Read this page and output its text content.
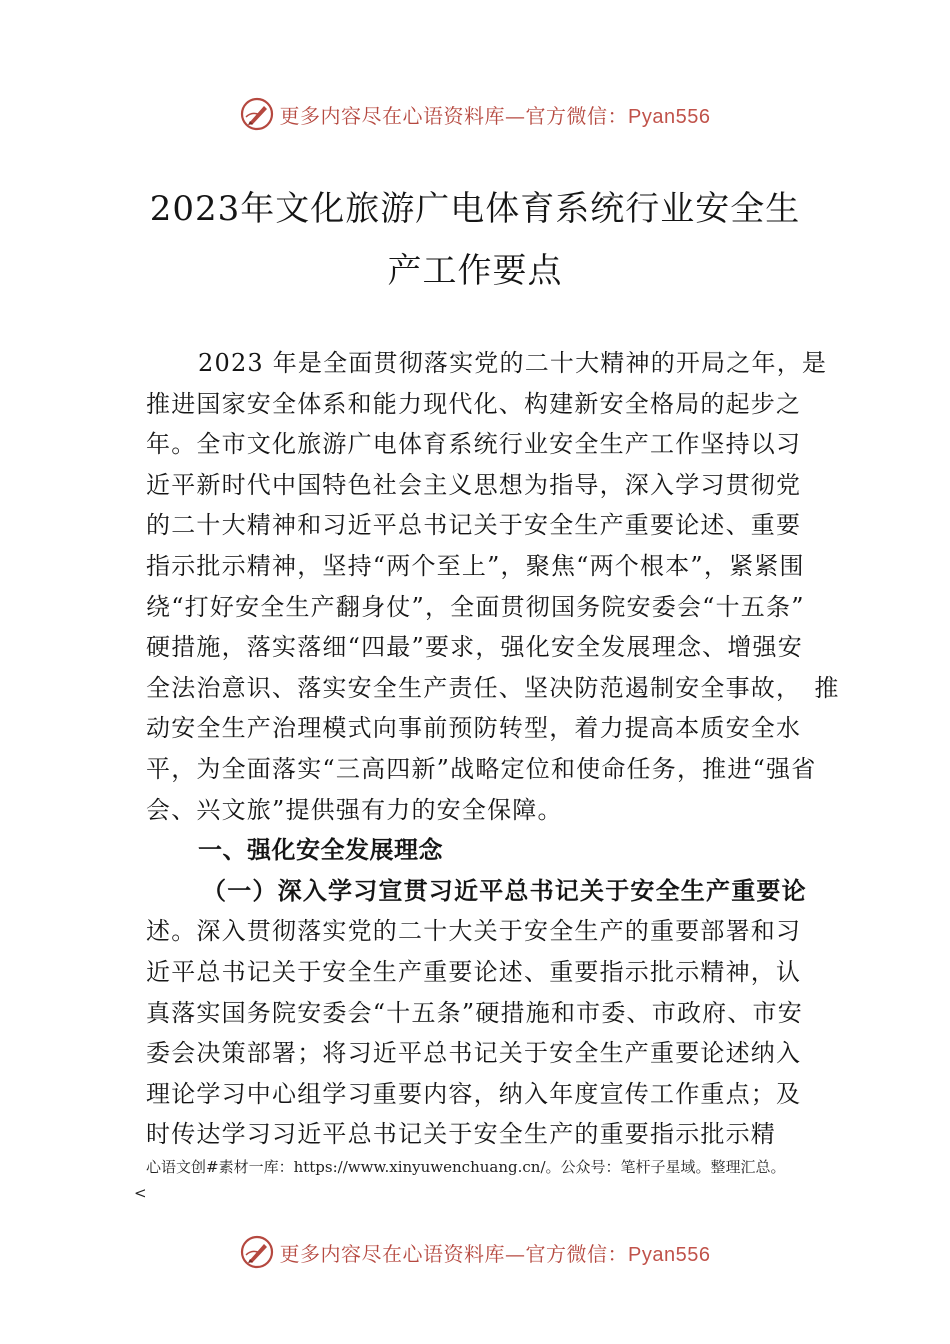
更多内容尽在心语资料库—官方微信：Pyan556
2023年文化旅游广电体育系统行业安全生
产工作要点
2023 年是全面贯彻落实党的二十大精神的开局之年，是
推进国家安全体系和能力现代化、构建新安全格局的起步之
年。全市文化旅游广电体育系统行业安全生产工作坚持以习
近平新时代中国特色社会主义思想为指导，深入学习贯彻党
的二十大精神和习近平总书记关于安全生产重要论述、重要
指示批示精神，坚持“两个至上”，聚焦“两个根本”，紧紧围
绕“打好安全生产翻身仗”，全面贯彻国务院安委会“十五条”
硬措施，落实落细“四最”要求，强化安全发展理念、增强安
全法治意识、落实安全生产责任、坚决防范遏制安全事故，　推
动安全生产治理模式向事前预防转型，着力提高本质安全水
平，为全面落实“三高四新”战略定位和使命任务，推进“强省
会、兴文旅”提供强有力的安全保障。
一、强化安全发展理念
（一）深入学习宣贯习近平总书记关于安全生产重要论
述。深入贯彻落实党的二十大关于安全生产的重要部署和习
近平总书记关于安全生产重要论述、重要指示批示精神，认
真落实国务院安委会“十五条”硬措施和市委、市政府、市安
委会决策部署；将习近平总书记关于安全生产重要论述纳入
理论学习中心组学习重要内容，纳入年度宣传工作重点；及
时传达学习习近平总书记关于安全生产的重要指示批示精
心语文创#素材一库：https://www.xinyuwenchuang.cn/。公众号：笔杆子星域。整理汇总。
<
更多内容尽在心语资料库—官方微信：Pyan556
